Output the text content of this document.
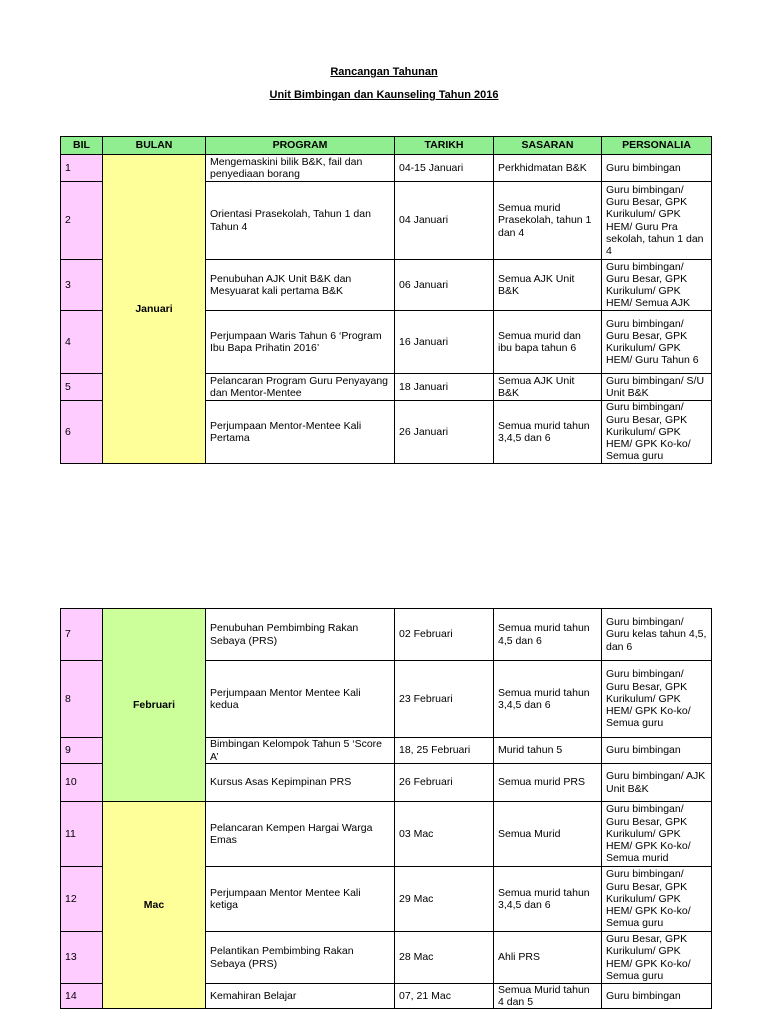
Rancangan Tahunan
Unit Bimbingan dan Kaunseling Tahun 2016
BIL	BULAN	PROGRAM	TARIKH	SASARAN	PERSONALIA
1	Januari	Mengemaskini bilik B&K, fail dan penyediaan borang	04-15 Januari	Perkhidmatan B&K	Guru bimbingan
2		Orientasi Prasekolah, Tahun 1 dan Tahun 4	04 Januari	Semua murid Prasekolah, tahun 1 dan 4	Guru bimbingan/ Guru Besar, GPK Kurikulum/ GPK HEM/ Guru Pra sekolah, tahun 1 dan 4
3		Penubuhan AJK Unit B&K dan Mesyuarat kali pertama B&K	06 Januari	Semua AJK Unit B&K	Guru bimbingan/ Guru Besar, GPK Kurikulum/ GPK HEM/ Semua AJK
4		Perjumpaan Waris Tahun 6 ‘Program Ibu Bapa Prihatin 2016’	16 Januari	Semua murid dan ibu bapa tahun 6	Guru bimbingan/ Guru Besar, GPK Kurikulum/ GPK HEM/ Guru Tahun 6
5		Pelancaran Program Guru Penyayang dan Mentor-Mentee	18 Januari	Semua AJK Unit B&K	Guru bimbingan/ S/U Unit B&K
6		Perjumpaan Mentor-Mentee Kali Pertama	26 Januari	Semua murid tahun 3,4,5 dan 6	Guru bimbingan/ Guru Besar, GPK Kurikulum/ GPK HEM/ GPK Ko-ko/ Semua guru
7	Februari	Penubuhan Pembimbing Rakan Sebaya (PRS)	02 Februari	Semua murid tahun 4,5 dan 6	Guru bimbingan/ Guru kelas tahun 4,5, dan 6
8		Perjumpaan Mentor Mentee Kali kedua	23 Februari	Semua murid tahun 3,4,5 dan 6	Guru bimbingan/ Guru Besar, GPK Kurikulum/ GPK HEM/ GPK Ko-ko/ Semua guru
9		Bimbingan Kelompok Tahun 5 ‘Score A’	18, 25 Februari	Murid tahun 5	Guru bimbingan
10		Kursus Asas Kepimpinan PRS	26 Februari	Semua murid PRS	Guru bimbingan/ AJK Unit B&K
11	Mac	Pelancaran Kempen Hargai Warga Emas	03 Mac	Semua Murid	Guru bimbingan/ Guru Besar, GPK Kurikulum/ GPK HEM/ GPK Ko-ko/ Semua murid
12		Perjumpaan Mentor Mentee Kali ketiga	29 Mac	Semua murid tahun 3,4,5 dan 6	Guru bimbingan/ Guru Besar, GPK Kurikulum/ GPK HEM/ GPK Ko-ko/ Semua guru
13		Pelantikan Pembimbing Rakan Sebaya (PRS)	28 Mac	Ahli PRS	Guru Besar, GPK Kurikulum/ GPK HEM/ GPK Ko-ko/ Semua guru
14		Kemahiran Belajar	07, 21 Mac	Semua Murid tahun 4 dan 5	Guru bimbingan
